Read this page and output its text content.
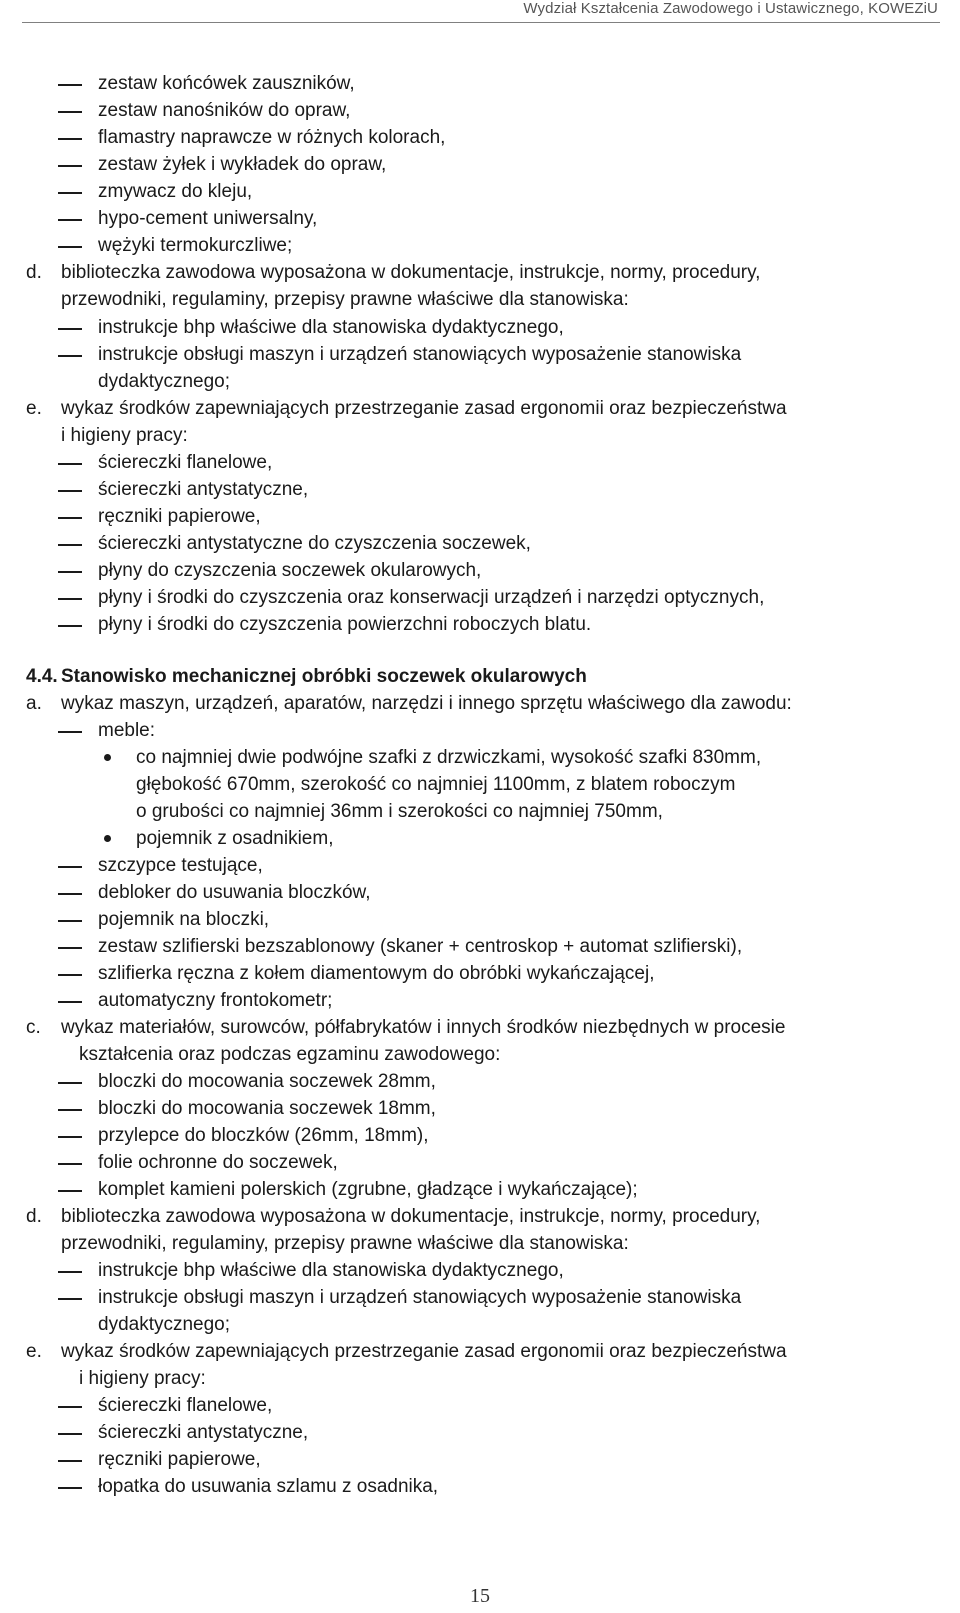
Wydział Kształcenia Zawodowego i Ustawicznego, KOWEZiU
zestaw końcówek zauszników,
zestaw nanośników do opraw,
flamastry naprawcze w różnych kolorach,
zestaw żyłek i wykładek do opraw,
zmywacz do kleju,
hypo-cement uniwersalny,
wężyki termokurczliwe;
d. biblioteczka zawodowa wyposażona w dokumentacje, instrukcje, normy, procedury,
przewodniki, regulaminy, przepisy prawne właściwe dla stanowiska:
instrukcje bhp właściwe dla stanowiska dydaktycznego,
instrukcje obsługi maszyn i urządzeń stanowiących wyposażenie stanowiska
dydaktycznego;
e. wykaz środków zapewniających przestrzeganie zasad ergonomii oraz bezpieczeństwa
i higieny pracy:
ściereczki flanelowe,
ściereczki antystatyczne,
ręczniki papierowe,
ściereczki antystatyczne do czyszczenia soczewek,
płyny do czyszczenia soczewek okularowych,
płyny i środki do czyszczenia oraz konserwacji urządzeń i narzędzi optycznych,
płyny i środki do czyszczenia powierzchni roboczych blatu.
4.4. Stanowisko mechanicznej obróbki soczewek okularowych
a. wykaz maszyn, urządzeń, aparatów, narzędzi i innego sprzętu właściwego dla zawodu:
meble:
co najmniej dwie podwójne szafki z drzwiczkami, wysokość szafki 830mm,
głębokość 670mm, szerokość co najmniej 1100mm, z blatem roboczym
o grubości co najmniej 36mm i szerokości co najmniej 750mm,
pojemnik z osadnikiem,
szczypce testujące,
debloker do usuwania bloczków,
pojemnik na bloczki,
zestaw szlifierski bezszablonowy (skaner + centroskop + automat szlifierski),
szlifierka ręczna z kołem diamentowym do obróbki wykańczającej,
automatyczny frontokometr;
c. wykaz materiałów, surowców, półfabrykatów i innych środków niezbędnych w procesie
kształcenia oraz podczas egzaminu zawodowego:
bloczki do mocowania soczewek 28mm,
bloczki do mocowania soczewek 18mm,
przylepce do bloczków (26mm, 18mm),
folie ochronne do soczewek,
komplet kamieni polerskich (zgrubne, gładzące i wykańczające);
d. biblioteczka zawodowa wyposażona w dokumentacje, instrukcje, normy, procedury,
przewodniki, regulaminy, przepisy prawne właściwe dla stanowiska:
instrukcje bhp właściwe dla stanowiska dydaktycznego,
instrukcje obsługi maszyn i urządzeń stanowiących wyposażenie stanowiska
dydaktycznego;
e. wykaz środków zapewniających przestrzeganie zasad ergonomii oraz bezpieczeństwa
i higieny pracy:
ściereczki flanelowe,
ściereczki antystatyczne,
ręczniki papierowe,
łopatka do usuwania szlamu z osadnika,
15
